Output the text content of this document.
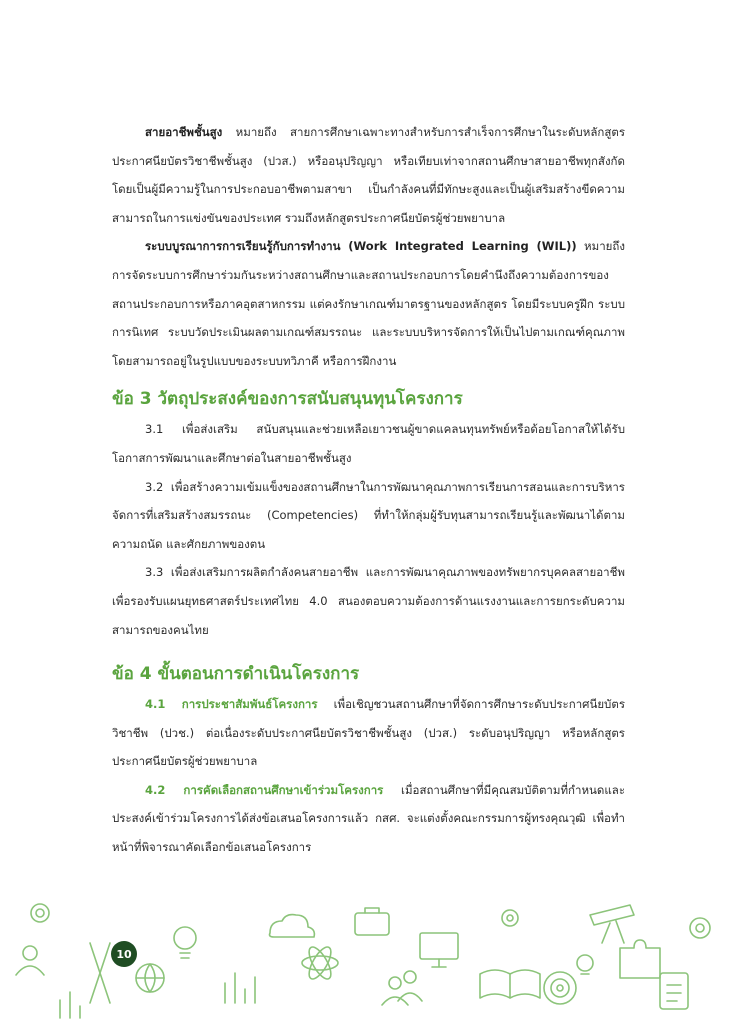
สายอาชีพชั้นสูง หมายถึง สายการศึกษาเฉพาะทางสำหรับการสำเร็จการศึกษาในระดับหลักสูตรประกาศนียบัตรวิชาชีพชั้นสูง (ปวส.) หรืออนุปริญญา หรือเทียบเท่าจากสถานศึกษาสายอาชีพทุกสังกัด โดยเป็นผู้มีความรู้ในการประกอบอาชีพตามสาขา เป็นกำลังคนที่มีทักษะสูงและเป็นผู้เสริมสร้างขีดความสามารถในการแข่งขันของประเทศ รวมถึงหลักสูตรประกาศนียบัตรผู้ช่วยพยาบาล

ระบบบูรณาการการเรียนรู้กับการทำงาน (Work Integrated Learning (WIL)) หมายถึง การจัดระบบการศึกษาร่วมกันระหว่างสถานศึกษาและสถานประกอบการโดยคำนึงถึงความต้องการของสถานประกอบการหรือภาคอุตสาหกรรม แต่คงรักษาเกณฑ์มาตรฐานของหลักสูตร โดยมีระบบครูฝึก ระบบการนิเทศ ระบบวัดประเมินผลตามเกณฑ์สมรรถนะ และระบบบริหารจัดการให้เป็นไปตามเกณฑ์คุณภาพ โดยสามารถอยู่ในรูปแบบของระบบทวิภาคี หรือการฝึกงาน

ข้อ 3 วัตถุประสงค์ของการสนับสนุนทุนโครงการ

3.1 เพื่อส่งเสริม สนับสนุนและช่วยเหลือเยาวชนผู้ขาดแคลนทุนทรัพย์หรือด้อยโอกาสให้ได้รับโอกาสการพัฒนาและศึกษาต่อในสายอาชีพชั้นสูง

3.2 เพื่อสร้างความเข้มแข็งของสถานศึกษาในการพัฒนาคุณภาพการเรียนการสอนและการบริหารจัดการที่เสริมสร้างสมรรถนะ (Competencies) ที่ทำให้กลุ่มผู้รับทุนสามารถเรียนรู้และพัฒนาได้ตามความถนัด และศักยภาพของตน

3.3 เพื่อส่งเสริมการผลิตกำลังคนสายอาชีพ และการพัฒนาคุณภาพของทรัพยากรบุคคลสายอาชีพ เพื่อรองรับแผนยุทธศาสตร์ประเทศไทย 4.0 สนองตอบความต้องการด้านแรงงานและการยกระดับความสามารถของคนไทย

ข้อ 4 ขั้นตอนการดำเนินโครงการ

4.1 การประชาสัมพันธ์โครงการ เพื่อเชิญชวนสถานศึกษาที่จัดการศึกษาระดับประกาศนียบัตรวิชาชีพ (ปวช.) ต่อเนื่องระดับประกาศนียบัตรวิชาชีพชั้นสูง (ปวส.) ระดับอนุปริญญา หรือหลักสูตรประกาศนียบัตรผู้ช่วยพยาบาล

4.2 การคัดเลือกสถานศึกษาเข้าร่วมโครงการ เมื่อสถานศึกษาที่มีคุณสมบัติตามที่กำหนดและประสงค์เข้าร่วมโครงการได้ส่งข้อเสนอโครงการแล้ว กสศ. จะแต่งตั้งคณะกรรมการผู้ทรงคุณวุฒิ เพื่อทำหน้าที่พิจารณาคัดเลือกข้อเสนอโครงการ

10
